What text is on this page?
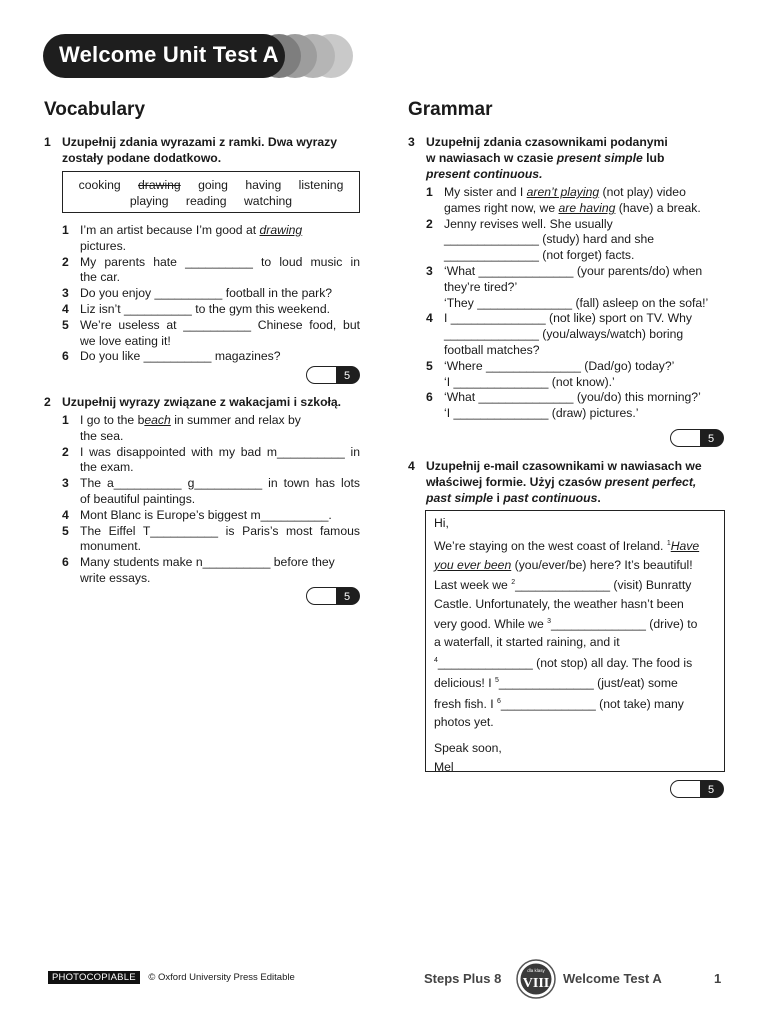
Welcome Unit Test A
Vocabulary
1 Uzupełnij zdania wyrazami z ramki. Dwa wyrazy
zostały podane dodatkowo.
cooking drawing going having listening
playing reading watching
1 I’m an artist because I’m good at drawing
pictures.
2 My parents hate __________ to loud music in
the car.
3 Do you enjoy __________ football in the park?
4 Liz isn’t __________ to the gym this weekend.
5 We’re useless at __________ Chinese food, but
we love eating it!
6 Do you like __________ magazines?
5
2 Uzupełnij wyrazy związane z wakacjami i szkołą.
1 I go to the beach in summer and relax by
the sea.
2 I was disappointed with my bad m__________ in
the exam.
3 The a__________ g__________ in town has lots
of beautiful paintings.
4 Mont Blanc is Europe’s biggest m__________.
5 The Eiffel T__________ is Paris’s most famous
monument.
6 Many students make n__________ before they
write essays.
5
Grammar
3 Uzupełnij zdania czasownikami podanymi
w nawiasach w czasie present simple lub
present continuous.
1 My sister and I aren’t playing (not play) video
games right now, we are having (have) a break.
2 Jenny revises well. She usually
______________ (study) hard and she
______________ (not forget) facts.
3 ‘What ______________ (your parents/do) when
they’re tired?’
‘They ______________ (fall) asleep on the sofa!’
4 I ______________ (not like) sport on TV. Why
______________ (you/always/watch) boring
football matches?
5 ‘Where ______________ (Dad/go) today?’
‘I ______________ (not know).’
6 ‘What ______________ (you/do) this morning?’
‘I ______________ (draw) pictures.’
5
4 Uzupełnij e-mail czasownikami w nawiasach we
właściwej formie. Użyj czasów present perfect,
past simple i past continuous.
Hi,
We’re staying on the west coast of Ireland. $^1$Have
you ever been (you/ever/be) here? It’s beautiful!
Last week we $^2$______________ (visit) Bunratty
Castle. Unfortunately, the weather hasn’t been
very good. While we $^3$______________ (drive) to
a waterfall, it started raining, and it
$^4$______________ (not stop) all day. The food is
delicious! I $^5$______________ (just/eat) some
fresh fish. I $^6$______________ (not take) many
photos yet.
Speak soon,
Mel
5
PHOTOCOPIABLE © Oxford University Press Editable	Steps Plus 8
dla klasy
VIII Welcome Test A	1
